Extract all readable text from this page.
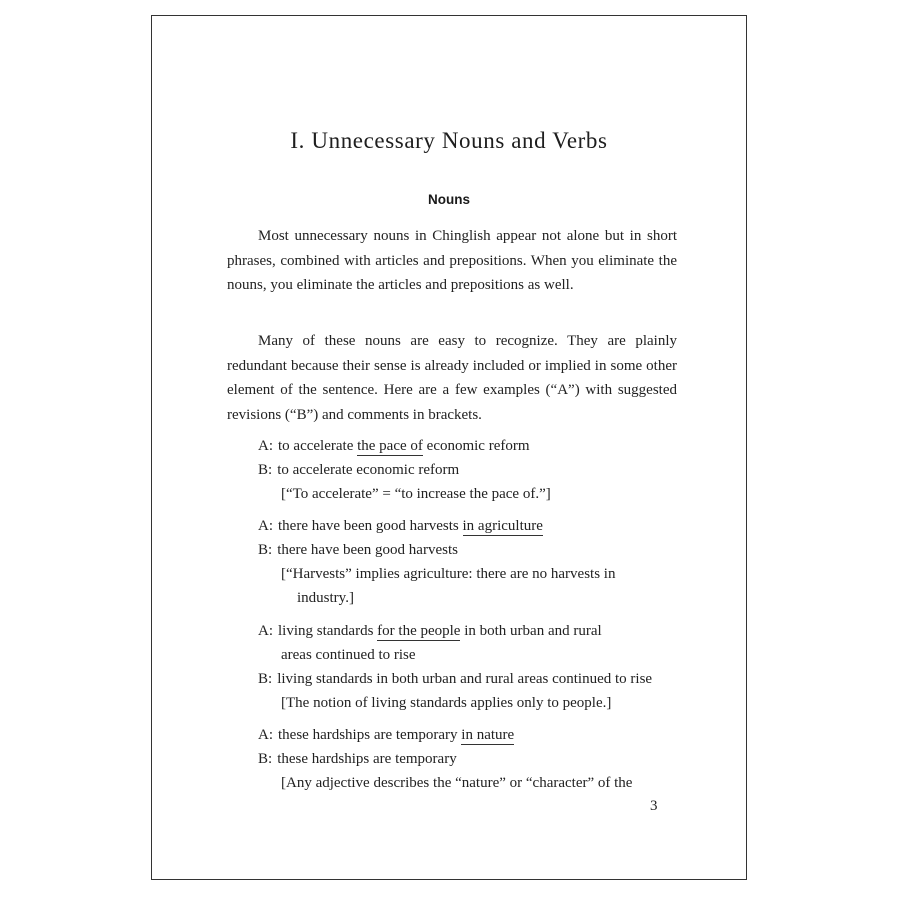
I. Unnecessary Nouns and Verbs
Nouns

Most unnecessary nouns in Chinglish appear not alone but in short phrases, combined with articles and prepositions. When you eliminate the nouns, you eliminate the articles and prepositions as well.

Many of these nouns are easy to recognize. They are plainly redundant because their sense is already included or implied in some other element of the sentence. Here are a few examples (“A”) with suggested revisions (“B”) and comments in brackets.

A: to accelerate the pace of economic reform
B: to accelerate economic reform
[“To accelerate” = “to increase the pace of.”]
A: there have been good harvests in agriculture
B: there have been good harvests
[“Harvests” implies agriculture: there are no harvests in
industry.]
A: living standards for the people in both urban and rural
areas continued to rise
B: living standards in both urban and rural areas continued to rise
[The notion of living standards applies only to people.]
A: these hardships are temporary in nature
B: these hardships are temporary
[Any adjective describes the “nature” or “character” of the
3
